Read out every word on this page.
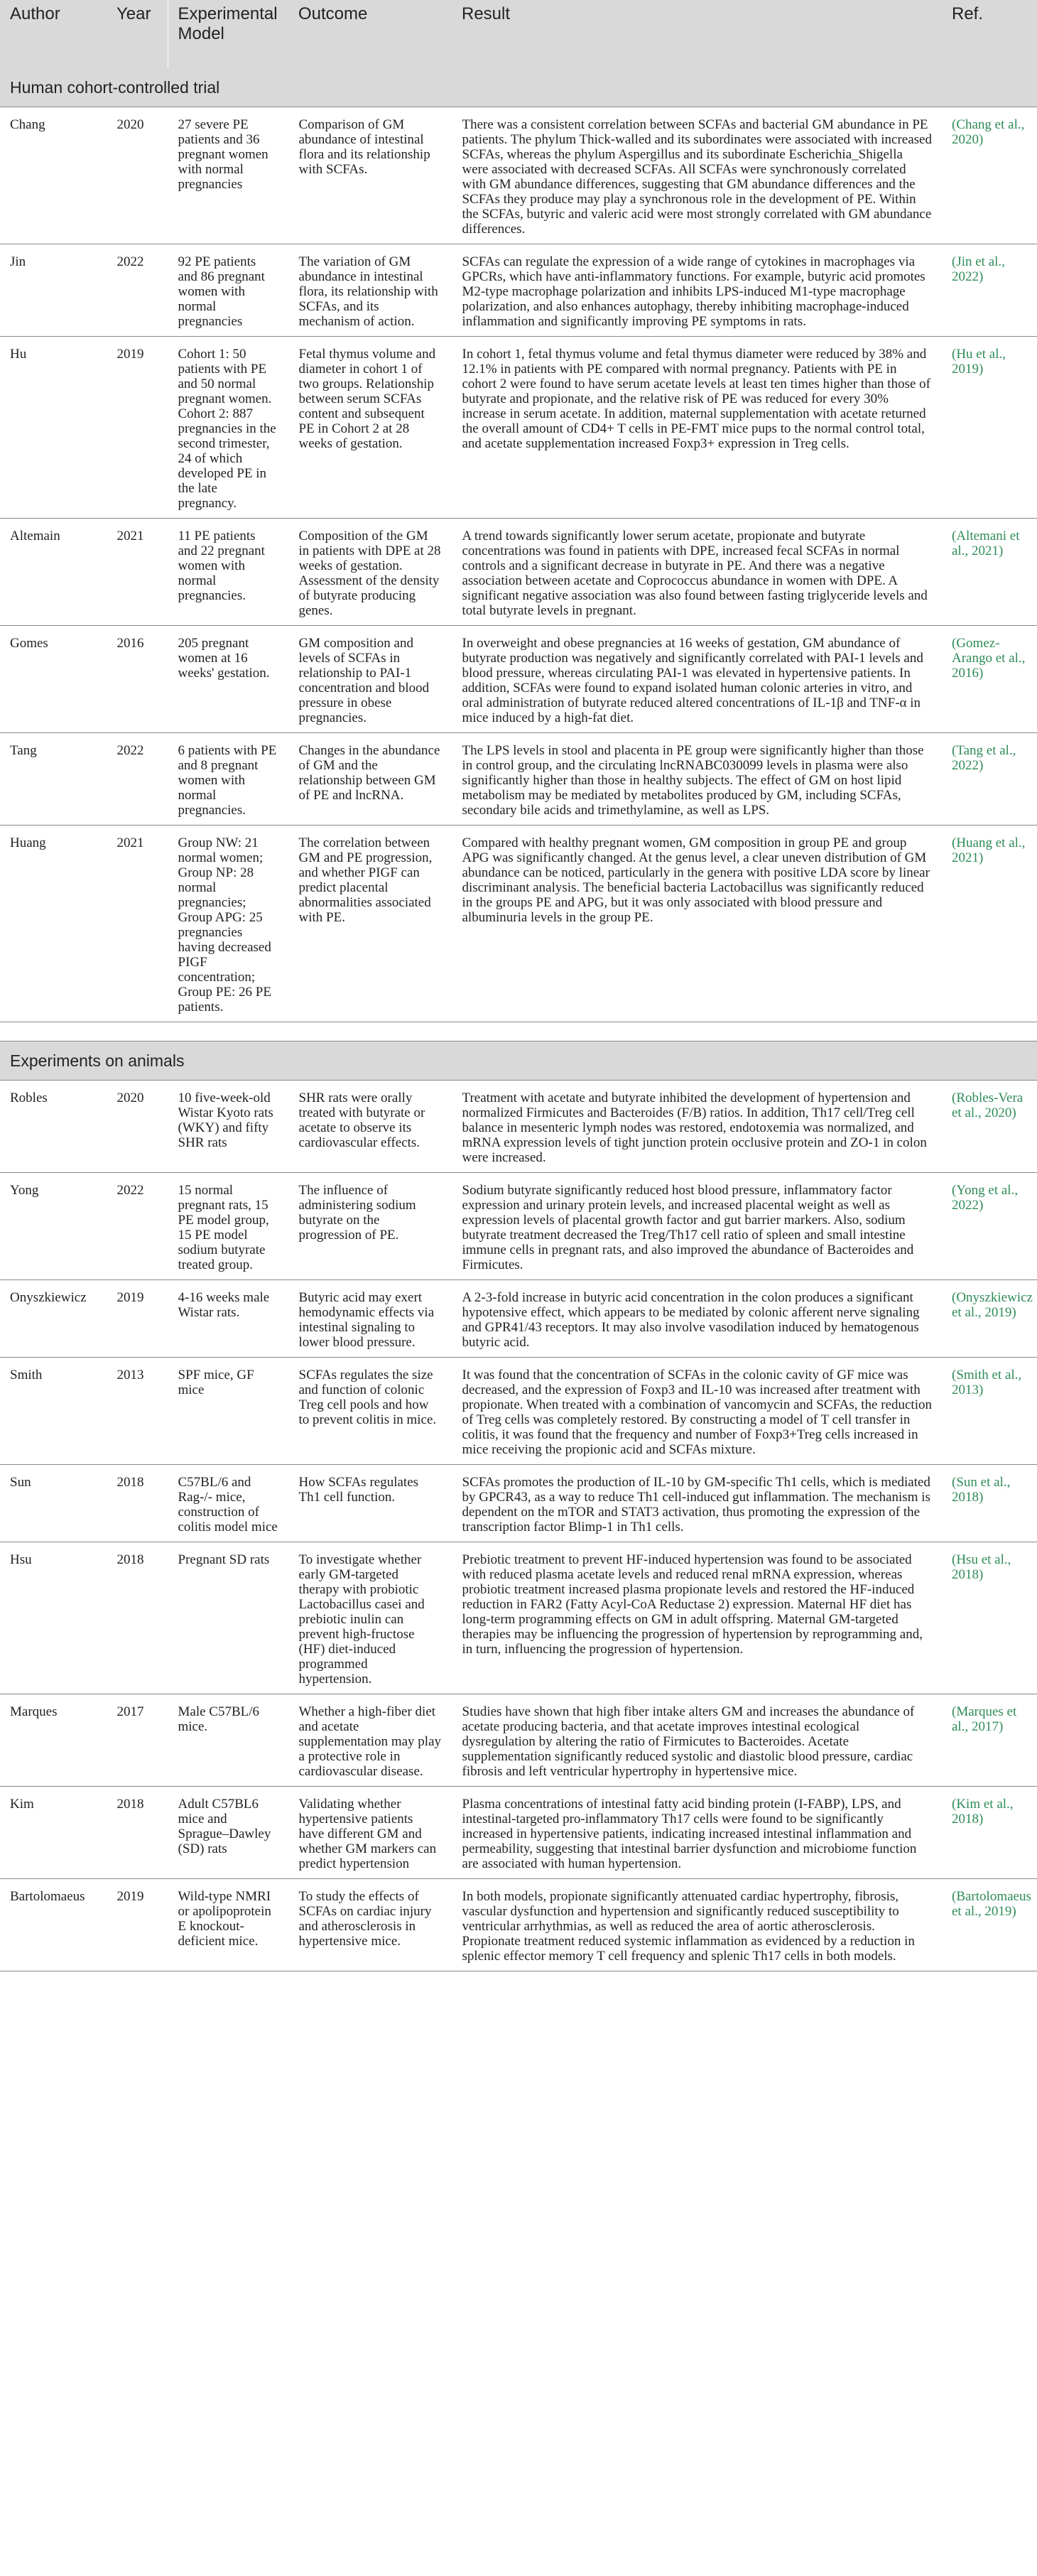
Author	Year	Experimental Model	Outcome	Result	Ref.
Human cohort-controlled trial					
Chang	2020	27 severe PE patients and 36 pregnant women with normal pregnancies	Comparison of GM abundance of intestinal flora and its relationship with SCFAs.	There was a consistent correlation between SCFAs and bacterial GM abundance in PE patients. The phylum Thick-walled and its subordinates were associated with increased SCFAs, whereas the phylum Aspergillus and its subordinate Escherichia_Shigella were associated with decreased SCFAs. All SCFAs were synchronously correlated with GM abundance differences, suggesting that GM abundance differences and the SCFAs they produce may play a synchronous role in the development of PE. Within the SCFAs, butyric and valeric acid were most strongly correlated with GM abundance differences.	(Chang et al., 2020)
Jin	2022	92 PE patients and 86 pregnant women with normal pregnancies	The variation of GM abundance in intestinal flora, its relationship with SCFAs, and its mechanism of action.	SCFAs can regulate the expression of a wide range of cytokines in macrophages via GPCRs, which have anti-inflammatory functions. For example, butyric acid promotes M2-type macrophage polarization and inhibits LPS-induced M1-type macrophage polarization, and also enhances autophagy, thereby inhibiting macrophage-induced inflammation and significantly improving PE symptoms in rats.	(Jin et al., 2022)
Hu	2019	Cohort 1: 50 patients with PE and 50 normal pregnant women. Cohort 2: 887 pregnancies in the second trimester, 24 of which developed PE in the late pregnancy.	Fetal thymus volume and diameter in cohort 1 of two groups. Relationship between serum SCFAs content and subsequent PE in Cohort 2 at 28 weeks of gestation.	In cohort 1, fetal thymus volume and fetal thymus diameter were reduced by 38% and 12.1% in patients with PE compared with normal pregnancy. Patients with PE in cohort 2 were found to have serum acetate levels at least ten times higher than those of butyrate and propionate, and the relative risk of PE was reduced for every 30% increase in serum acetate. In addition, maternal supplementation with acetate returned the overall amount of CD4+ T cells in PE-FMT mice pups to the normal control total, and acetate supplementation increased Foxp3+ expression in Treg cells.	(Hu et al., 2019)
Altemain	2021	11 PE patients and 22 pregnant women with normal pregnancies.	Composition of the GM in patients with DPE at 28 weeks of gestation. Assessment of the density of butyrate producing genes.	A trend towards significantly lower serum acetate, propionate and butyrate concentrations was found in patients with DPE, increased fecal SCFAs in normal controls and a significant decrease in butyrate in PE. And there was a negative association between acetate and Coprococcus abundance in women with DPE. A significant negative association was also found between fasting triglyceride levels and total butyrate levels in pregnant.	(Altemani et al., 2021)
Gomes	2016	205 pregnant women at 16 weeks' gestation.	GM composition and levels of SCFAs in relationship to PAI-1 concentration and blood pressure in obese pregnancies.	In overweight and obese pregnancies at 16 weeks of gestation, GM abundance of butyrate production was negatively and significantly correlated with PAI-1 levels and blood pressure, whereas circulating PAI-1 was elevated in hypertensive patients. In addition, SCFAs were found to expand isolated human colonic arteries in vitro, and oral administration of butyrate reduced altered concentrations of IL-1β and TNF-α in mice induced by a high-fat diet.	(Gomez-Arango et al., 2016)
Tang	2022	6 patients with PE and 8 pregnant women with normal pregnancies.	Changes in the abundance of GM and the relationship between GM of PE and lncRNA.	The LPS levels in stool and placenta in PE group were significantly higher than those in control group, and the circulating lncRNABC030099 levels in plasma were also significantly higher than those in healthy subjects. The effect of GM on host lipid metabolism may be mediated by metabolites produced by GM, including SCFAs, secondary bile acids and trimethylamine, as well as LPS.	(Tang et al., 2022)
Huang	2021	Group NW: 21 normal women; Group NP: 28 normal pregnancies; Group APG: 25 pregnancies having decreased PIGF concentration; Group PE: 26 PE patients.	The correlation between GM and PE progression, and whether PIGF can predict placental abnormalities associated with PE.	Compared with healthy pregnant women, GM composition in group PE and group APG was significantly changed. At the genus level, a clear uneven distribution of GM abundance can be noticed, particularly in the genera with positive LDA score by linear discriminant analysis. The beneficial bacteria Lactobacillus was significantly reduced in the groups PE and APG, but it was only associated with blood pressure and albuminuria levels in the group PE.	(Huang et al., 2021)

Experiments on animals					
Robles	2020	10 five-week-old Wistar Kyoto rats (WKY) and fifty SHR rats	SHR rats were orally treated with butyrate or acetate to observe its cardiovascular effects.	Treatment with acetate and butyrate inhibited the development of hypertension and normalized Firmicutes and Bacteroides (F/B) ratios. In addition, Th17 cell/Treg cell balance in mesenteric lymph nodes was restored, endotoxemia was normalized, and mRNA expression levels of tight junction protein occlusive protein and ZO-1 in colon were increased.	(Robles-Vera et al., 2020)
Yong	2022	15 normal pregnant rats, 15 PE model group, 15 PE model sodium butyrate treated group.	The influence of administering sodium butyrate on the progression of PE.	Sodium butyrate significantly reduced host blood pressure, inflammatory factor expression and urinary protein levels, and increased placental weight as well as expression levels of placental growth factor and gut barrier markers. Also, sodium butyrate treatment decreased the Treg/Th17 cell ratio of spleen and small intestine immune cells in pregnant rats, and also improved the abundance of Bacteroides and Firmicutes.	(Yong et al., 2022)
Onyszkiewicz	2019	4-16 weeks male Wistar rats.	Butyric acid may exert hemodynamic effects via intestinal signaling to lower blood pressure.	A 2-3-fold increase in butyric acid concentration in the colon produces a significant hypotensive effect, which appears to be mediated by colonic afferent nerve signaling and GPR41/43 receptors. It may also involve vasodilation induced by hematogenous butyric acid.	(Onyszkiewicz et al., 2019)
Smith	2013	SPF mice, GF mice	SCFAs regulates the size and function of colonic Treg cell pools and how to prevent colitis in mice.	It was found that the concentration of SCFAs in the colonic cavity of GF mice was decreased, and the expression of Foxp3 and IL-10 was increased after treatment with propionate. When treated with a combination of vancomycin and SCFAs, the reduction of Treg cells was completely restored. By constructing a model of T cell transfer in colitis, it was found that the frequency and number of Foxp3+Treg cells increased in mice receiving the propionic acid and SCFAs mixture.	(Smith et al., 2013)
Sun	2018	C57BL/6 and Rag-/- mice, construction of colitis model mice	How SCFAs regulates Th1 cell function.	SCFAs promotes the production of IL-10 by GM-specific Th1 cells, which is mediated by GPCR43, as a way to reduce Th1 cell-induced gut inflammation. The mechanism is dependent on the mTOR and STAT3 activation, thus promoting the expression of the transcription factor Blimp-1 in Th1 cells.	(Sun et al., 2018)
Hsu	2018	Pregnant SD rats	To investigate whether early GM-targeted therapy with probiotic Lactobacillus casei and prebiotic inulin can prevent high-fructose (HF) diet-induced programmed hypertension.	Prebiotic treatment to prevent HF-induced hypertension was found to be associated with reduced plasma acetate levels and reduced renal mRNA expression, whereas probiotic treatment increased plasma propionate levels and restored the HF-induced reduction in FAR2 (Fatty Acyl-CoA Reductase 2) expression. Maternal HF diet has long-term programming effects on GM in adult offspring. Maternal GM-targeted therapies may be influencing the progression of hypertension by reprogramming and, in turn, influencing the progression of hypertension.	(Hsu et al., 2018)
Marques	2017	Male C57BL/6 mice.	Whether a high-fiber diet and acetate supplementation may play a protective role in cardiovascular disease.	Studies have shown that high fiber intake alters GM and increases the abundance of acetate producing bacteria, and that acetate improves intestinal ecological dysregulation by altering the ratio of Firmicutes to Bacteroides. Acetate supplementation significantly reduced systolic and diastolic blood pressure, cardiac fibrosis and left ventricular hypertrophy in hypertensive mice.	(Marques et al., 2017)
Kim	2018	Adult C57BL6 mice and Sprague–Dawley (SD) rats	Validating whether hypertensive patients have different GM and whether GM markers can predict hypertension	Plasma concentrations of intestinal fatty acid binding protein (I-FABP), LPS, and intestinal-targeted pro-inflammatory Th17 cells were found to be significantly increased in hypertensive patients, indicating increased intestinal inflammation and permeability, suggesting that intestinal barrier dysfunction and microbiome function are associated with human hypertension.	(Kim et al., 2018)
Bartolomaeus	2019	Wild-type NMRI or apolipoprotein E knockout-deficient mice.	To study the effects of SCFAs on cardiac injury and atherosclerosis in hypertensive mice.	In both models, propionate significantly attenuated cardiac hypertrophy, fibrosis, vascular dysfunction and hypertension and significantly reduced susceptibility to ventricular arrhythmias, as well as reduced the area of aortic atherosclerosis. Propionate treatment reduced systemic inflammation as evidenced by a reduction in splenic effector memory T cell frequency and splenic Th17 cells in both models.	(Bartolomaeus et al., 2019)
